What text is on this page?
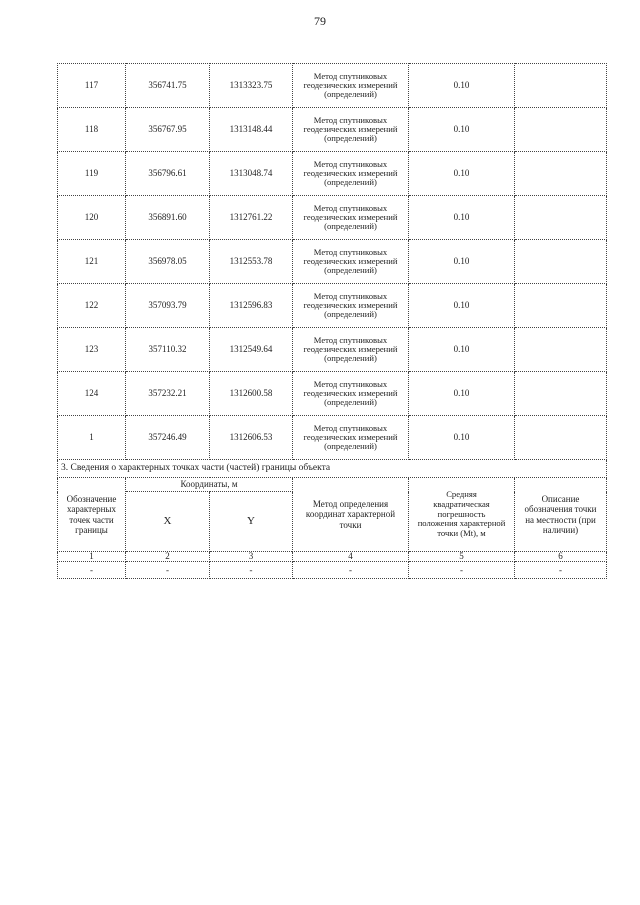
79
117	356741.75	1313323.75	Метод спутниковых
геодезических измерений
(определений)	0.10	
118	356767.95	1313148.44	Метод спутниковых
геодезических измерений
(определений)	0.10	
119	356796.61	1313048.74	Метод спутниковых
геодезических измерений
(определений)	0.10	
120	356891.60	1312761.22	Метод спутниковых
геодезических измерений
(определений)	0.10	
121	356978.05	1312553.78	Метод спутниковых
геодезических измерений
(определений)	0.10	
122	357093.79	1312596.83	Метод спутниковых
геодезических измерений
(определений)	0.10	
123	357110.32	1312549.64	Метод спутниковых
геодезических измерений
(определений)	0.10	
124	357232.21	1312600.58	Метод спутниковых
геодезических измерений
(определений)	0.10	
1	357246.49	1312606.53	Метод спутниковых
геодезических измерений
(определений)	0.10	
3. Сведения о характерных точках части (частей) границы объекта					

Обозначение
характерных
точек части
границы	Координаты, м		Метод определения
координат характерной
точки	Средняя
квадратическая
погрешность
положения характерной
точки (Mt), м	Описание
обозначения точки
на местности (при
наличии)

	X	Y			
1	2	3	4	5	6
-	-	-	-	-	-
